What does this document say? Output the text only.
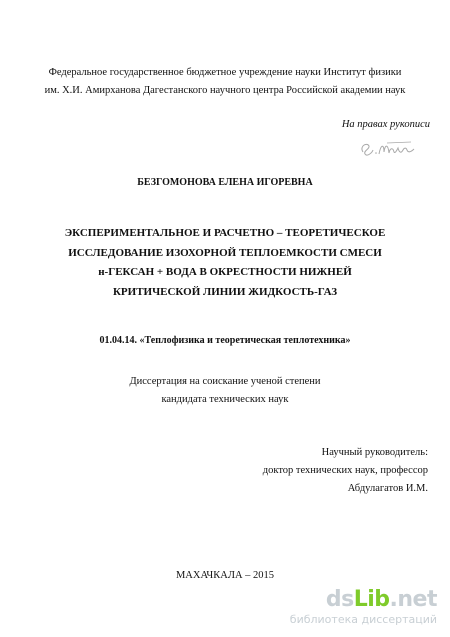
Федеральное государственное бюджетное учреждение науки Институт физики
им. Х.И. Амирханова Дагестанского научного центра Российской академии наук
На правах рукописи
БЕЗГОМОНОВА ЕЛЕНА ИГОРЕВНА
ЭКСПЕРИМЕНТАЛЬНОЕ И РАСЧЕТНО – ТЕОРЕТИЧЕСКОЕ
ИССЛЕДОВАНИЕ ИЗОХОРНОЙ ТЕПЛОЕМКОСТИ СМЕСИ
н-ГЕКСАН + ВОДА В ОКРЕСТНОСТИ НИЖНЕЙ
КРИТИЧЕСКОЙ ЛИНИИ ЖИДКОСТЬ-ГАЗ
01.04.14. «Теплофизика и теоретическая теплотехника»
Диссертация на соискание ученой степени
кандидата технических наук
Научный руководитель:
доктор технических наук, профессор
Абдулагатов И.М.
МАХАЧКАЛА – 2015
dsLib.net
библиотека диссертаций
